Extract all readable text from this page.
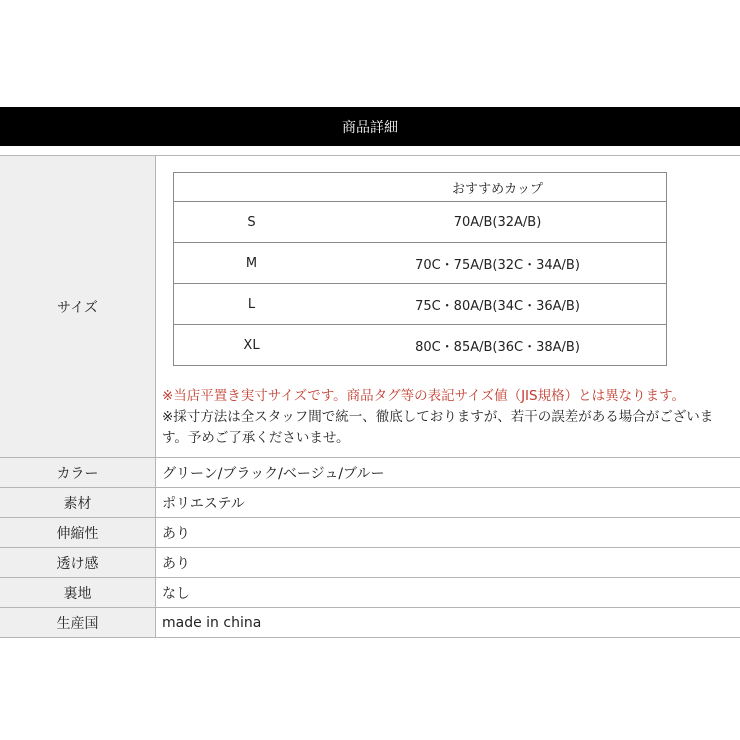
商品詳細
サイズ	
	おすすめカップ
S	70A/B(32A/B)
M	70C・75A/B(32C・34A/B)
L	75C・80A/B(34C・36A/B)
XL	80C・85A/B(36C・38A/B)
※当店平置き実寸サイズです。商品タグ等の表記サイズ値（JIS規格）とは異なります。
※採寸方法は全スタッフ間で統一、徹底しておりますが、若干の誤差がある場合がございます。予めご了承くださいませ。

カラー	グリーン/ブラック/ベージュ/ブルー
素材	ポリエステル
伸縮性	あり
透け感	あり
裏地	なし
生産国	made in china
